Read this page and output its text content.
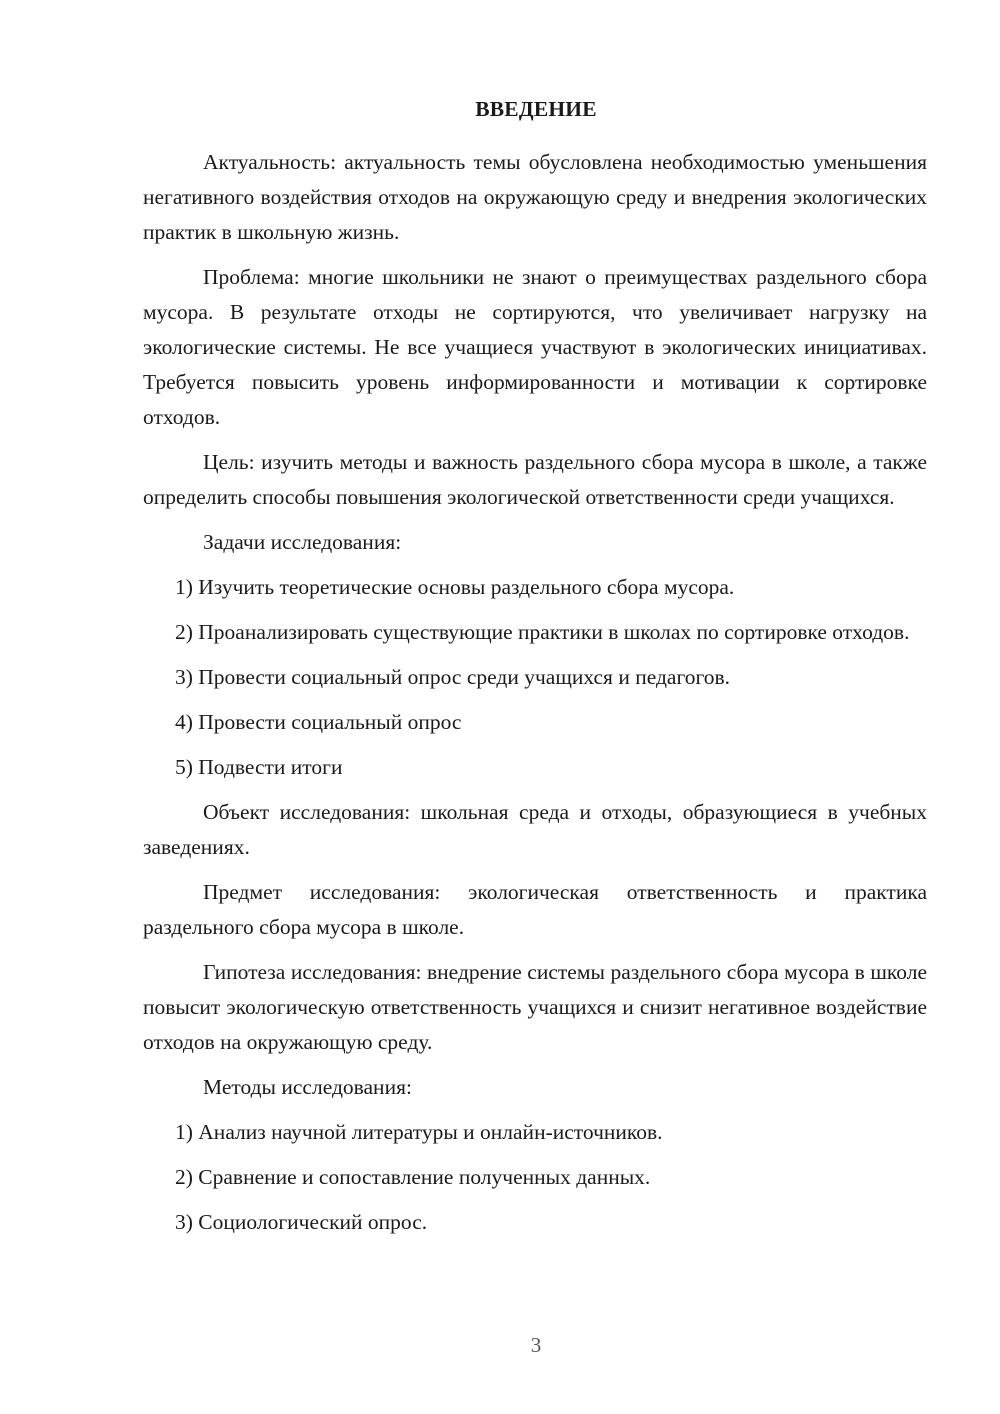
ВВЕДЕНИЕ

Актуальность: актуальность темы обусловлена необходимостью уменьшения негативного воздействия отходов на окружающую среду и внедрения экологических практик в школьную жизнь.

Проблема: многие школьники не знают о преимуществах раздельного сбора мусора. В результате отходы не сортируются, что увеличивает нагрузку на экологические системы. Не все учащиеся участвуют в экологических инициативах. Требуется повысить уровень информированности и мотивации к сортировке отходов.

Цель: изучить методы и важность раздельного сбора мусора в школе, а также определить способы повышения экологической ответственности среди учащихся.

Задачи исследования:

1) Изучить теоретические основы раздельного сбора мусора.

2) Проанализировать существующие практики в школах по сортировке отходов.

3) Провести социальный опрос среди учащихся и педагогов.

4) Провести социальный опрос

5) Подвести итоги

Объект исследования: школьная среда и отходы, образующиеся в учебных заведениях.

Предмет исследования: экологическая ответственность и практика раздельного сбора мусора в школе.

Гипотеза исследования: внедрение системы раздельного сбора мусора в школе повысит экологическую ответственность учащихся и снизит негативное воздействие отходов на окружающую среду.

Методы исследования:

1) Анализ научной литературы и онлайн-источников.

2) Сравнение и сопоставление полученных данных.

3) Социологический опрос.

3
